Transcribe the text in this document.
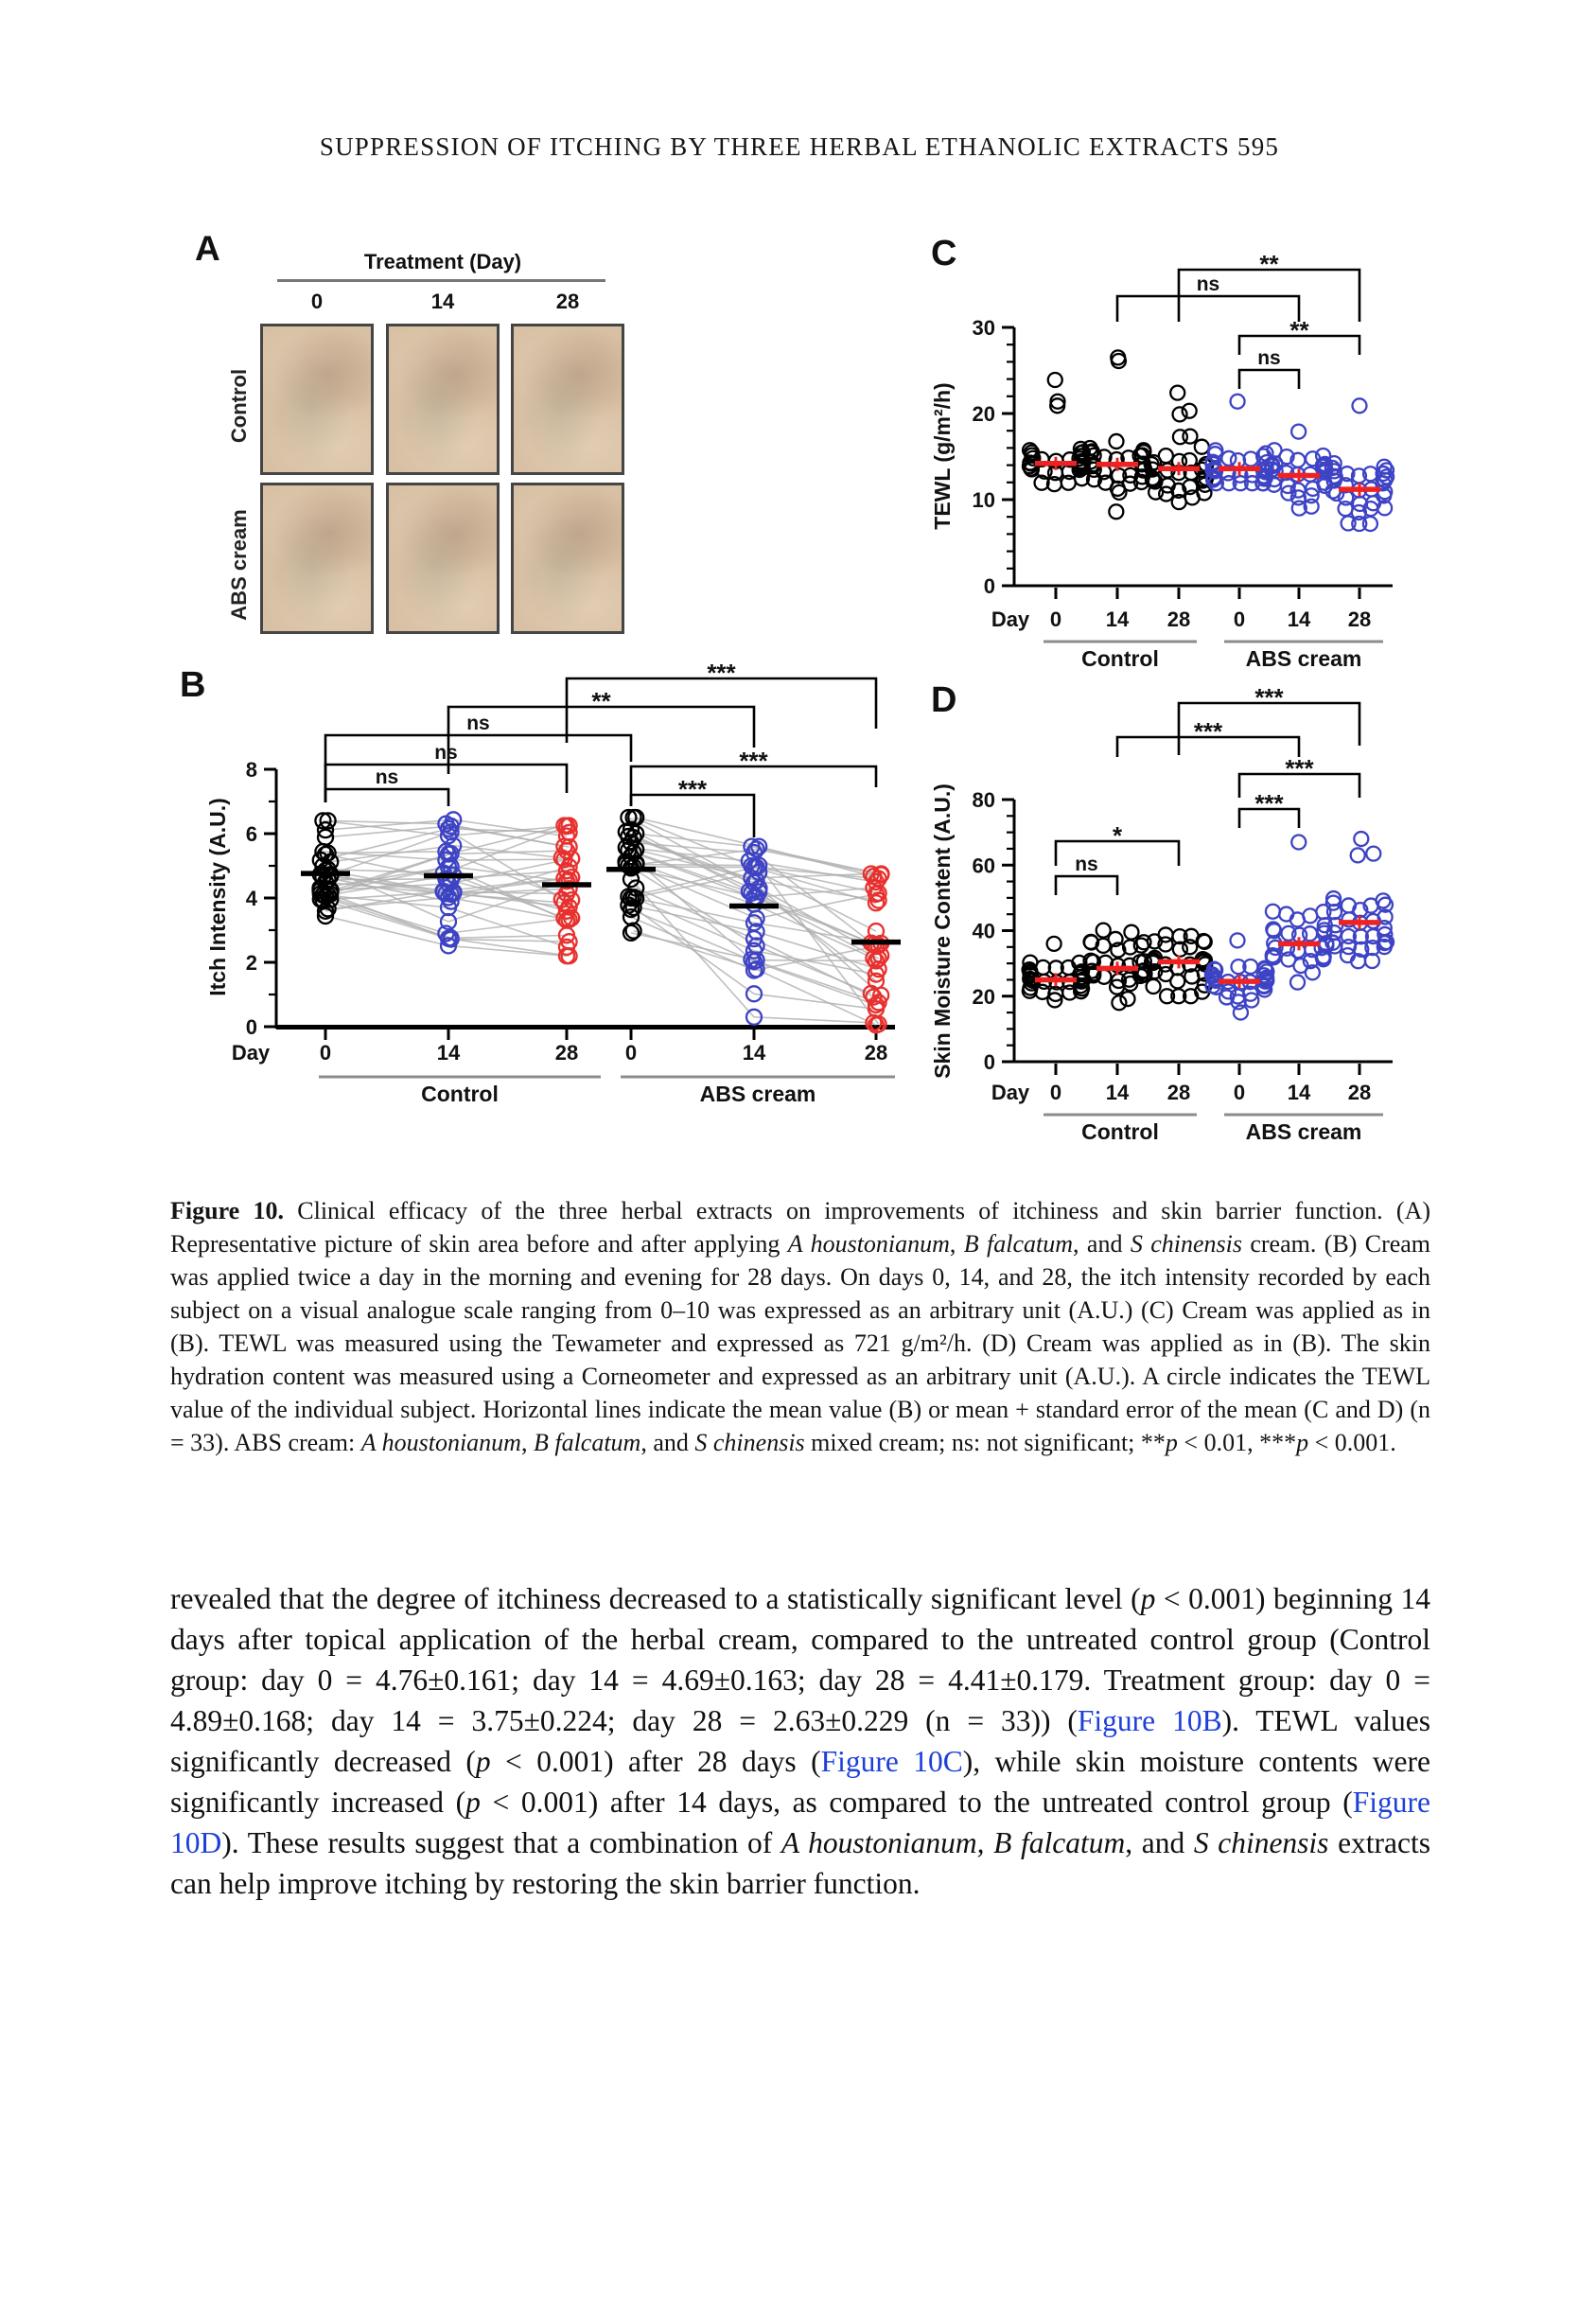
SUPPRESSION OF ITCHING BY THREE HERBAL ETHANOLIC EXTRACTS 595
A	Treatment (Day)
0	14	28
Control
ABS cream
0
2
4
6
8
Itch Intensity (A.U.)
B	***
**
ns
ns
ns
***
***
Day 0	14	28 0	14	28
Control	ABS cream
0
10
20
30
TEWL (g/m²/h)
C	**
ns
**
ns
Day 0 14 28 0 14 28
Control	ABS cream
0
20
40
60
80
Skin Moisture Content (A.U.)
D	***
***
***
***
*
ns
Day 0 14 28 0 14 28
Control	ABS cream

Figure 10. Clinical efficacy of the three herbal extracts on improvements of itchiness and skin barrier function. (A) Representative picture of skin area before and after applying A houstonianum, B falcatum, and S chinensis cream. (B) Cream was applied twice a day in the morning and evening for 28 days. On days 0, 14, and 28, the itch intensity recorded by each subject on a visual analogue scale ranging from 0–10 was expressed as an arbitrary unit (A.U.) (C) Cream was applied as in (B). TEWL was measured using the Tewameter and expressed as 721 g/m²/h. (D) Cream was applied as in (B). The skin hydration content was measured using a Corneometer and expressed as an arbitrary unit (A.U.). A circle indicates the TEWL value of the individual subject. Horizontal lines indicate the mean value (B) or mean + standard error of the mean (C and D) (n = 33). ABS cream: A houstonianum, B falcatum, and S chinensis mixed cream; ns: not significant; **p < 0.01, ***p < 0.001.

revealed that the degree of itchiness decreased to a statistically significant level (p < 0.001) beginning 14 days after topical application of the herbal cream, compared to the untreated control group (Control group: day 0 = 4.76±0.161; day 14 = 4.69±0.163; day 28 = 4.41±0.179. Treatment group: day 0 = 4.89±0.168; day 14 = 3.75±0.224; day 28 = 2.63±0.229 (n = 33)) (Figure 10B). TEWL values significantly decreased (p < 0.001) after 28 days (Figure 10C), while skin moisture contents were significantly increased (p < 0.001) after 14 days, as compared to the untreated control group (Figure 10D). These results suggest that a combination of A houstonianum, B falcatum, and S chinensis extracts can help improve itching by restoring the skin barrier function.
